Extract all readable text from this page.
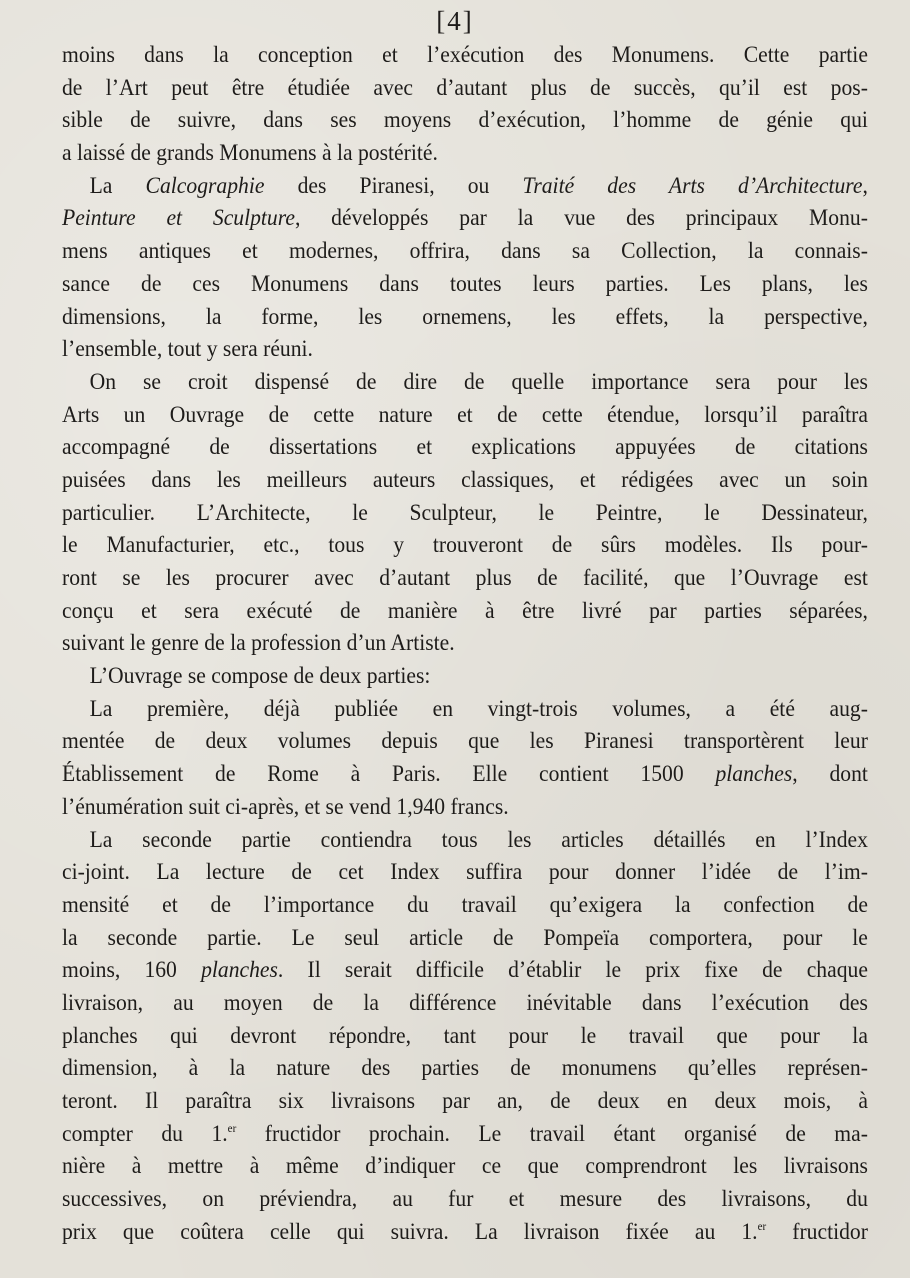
[4]
moins dans la conception et l’exécution des Monumens. Cette partie
de l’Art peut être étudiée avec d’autant plus de succès, qu’il est pos-
sible de suivre, dans ses moyens d’exécution, l’homme de génie qui
a laissé de grands Monumens à la postérité.
La Calcographie des Piranesi, ou Traité des Arts d’Architecture,
Peinture et Sculpture, développés par la vue des principaux Monu-
mens antiques et modernes, offrira, dans sa Collection, la connais-
sance de ces Monumens dans toutes leurs parties. Les plans, les
dimensions, la forme, les ornemens, les effets, la perspective,
l’ensemble, tout y sera réuni.
On se croit dispensé de dire de quelle importance sera pour les
Arts un Ouvrage de cette nature et de cette étendue, lorsqu’il paraîtra
accompagné de dissertations et explications appuyées de citations
puisées dans les meilleurs auteurs classiques, et rédigées avec un soin
particulier. L’Architecte, le Sculpteur, le Peintre, le Dessinateur,
le Manufacturier, etc., tous y trouveront de sûrs modèles. Ils pour-
ront se les procurer avec d’autant plus de facilité, que l’Ouvrage est
conçu et sera exécuté de manière à être livré par parties séparées,
suivant le genre de la profession d’un Artiste.
L’Ouvrage se compose de deux parties:
La première, déjà publiée en vingt-trois volumes, a été aug-
mentée de deux volumes depuis que les Piranesi transportèrent leur
Établissement de Rome à Paris. Elle contient 1500 planches, dont
l’énumération suit ci-après, et se vend 1,940 francs.
La seconde partie contiendra tous les articles détaillés en l’Index
ci-joint. La lecture de cet Index suffira pour donner l’idée de l’im-
mensité et de l’importance du travail qu’exigera la confection de
la seconde partie. Le seul article de Pompeïa comportera, pour le
moins, 160 planches. Il serait difficile d’établir le prix fixe de chaque
livraison, au moyen de la différence inévitable dans l’exécution des
planches qui devront répondre, tant pour le travail que pour la
dimension, à la nature des parties de monumens qu’elles représen-
teront. Il paraîtra six livraisons par an, de deux en deux mois, à
compter du 1.$^{er}$ fructidor prochain. Le travail étant organisé de ma-
nière à mettre à même d’indiquer ce que comprendront les livraisons
successives, on préviendra, au fur et mesure des livraisons, du
prix que coûtera celle qui suivra. La livraison fixée au 1.$^{er}$ fructidor
